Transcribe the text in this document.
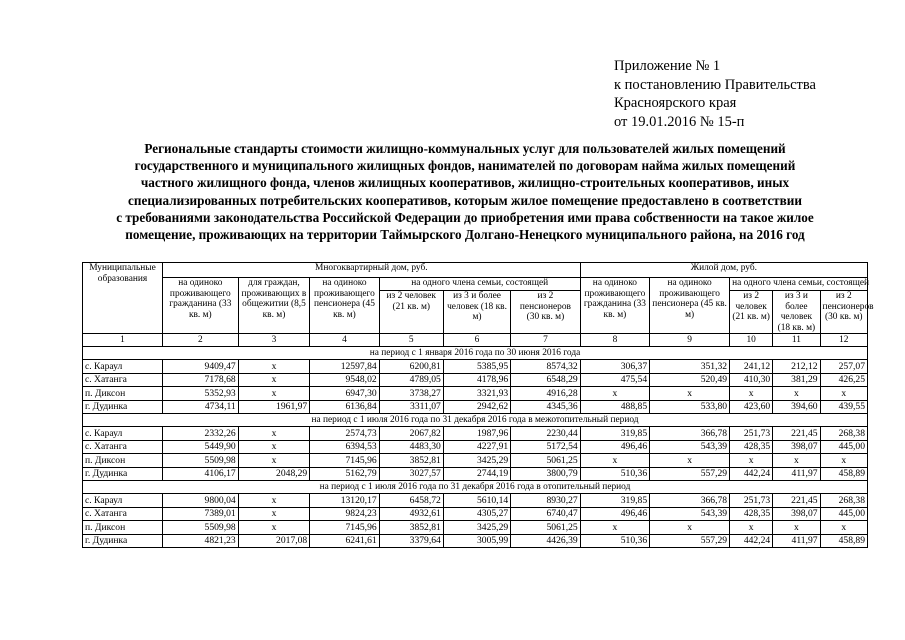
Приложение № 1
к постановлению Правительства
Красноярского края
от 19.01.2016 № 15-п
Региональные стандарты стоимости жилищно-коммунальных услуг для пользователей жилых помещений
государственного и муниципального жилищных фондов, нанимателей по договорам найма жилых помещений
частного жилищного фонда, членов жилищных кооперативов, жилищно-строительных кооперативов, иных
специализированных потребительских кооперативов, которым жилое помещение предоставлено в соответствии
с требованиями законодательства Российской Федерации до приобретения ими права собственности на такое жилое
помещение, проживающих на территории Таймырского Долгано-Ненецкого муниципального района, на 2016 год
Муниципальные образования	Многоквартирный дом, руб.						Жилой дом, руб.				
	на одиноко проживающего гражданина (33 кв. м)	для граждан, проживающих в общежитии (8,5 кв. м)	на одиноко проживающего пенсионера (45 кв. м)	на одного члена семьи, состоящей			на одиноко проживающего гражданина (33 кв. м)	на одиноко проживающего пенсионера (45 кв. м)	на одного члена семьи, состоящей		
				из 2 человек (21 кв. м)	из 3 и более человек (18 кв. м)	из 2 пенсионеров (30 кв. м)			из 2 человек (21 кв. м)	из 3 и более человек (18 кв. м)	из 2 пенсионеров (30 кв. м)
1	2	3	4	5	6	7	8	9	10	11	12
на период с 1 января 2016 года по 30 июня 2016 года											
с. Караул	9409,47	х	12597,84	6200,81	5385,95	8574,32	306,37	351,32	241,12	212,12	257,07
с. Хатанга	7178,68	х	9548,02	4789,05	4178,96	6548,29	475,54	520,49	410,30	381,29	426,25
п. Диксон	5352,93	х	6947,30	3738,27	3321,93	4916,28	х	х	х	х	х
г. Дудинка	4734,11	1961,97	6136,84	3311,07	2942,62	4345,36	488,85	533,80	423,60	394,60	439,55
на период с 1 июля 2016 года по 31 декабря 2016 года в межотопительный период											
с. Караул	2332,26	х	2574,73	2067,82	1987,96	2230,44	319,85	366,78	251,73	221,45	268,38
с. Хатанга	5449,90	х	6394,53	4483,30	4227,91	5172,54	496,46	543,39	428,35	398,07	445,00
п. Диксон	5509,98	х	7145,96	3852,81	3425,29	5061,25	х	х	х	х	х
г. Дудинка	4106,17	2048,29	5162,79	3027,57	2744,19	3800,79	510,36	557,29	442,24	411,97	458,89
на период с 1 июля 2016 года по 31 декабря 2016 года в отопительный период											
с. Караул	9800,04	х	13120,17	6458,72	5610,14	8930,27	319,85	366,78	251,73	221,45	268,38
с. Хатанга	7389,01	х	9824,23	4932,61	4305,27	6740,47	496,46	543,39	428,35	398,07	445,00
п. Диксон	5509,98	х	7145,96	3852,81	3425,29	5061,25	х	х	х	х	х
г. Дудинка	4821,23	2017,08	6241,61	3379,64	3005,99	4426,39	510,36	557,29	442,24	411,97	458,89
